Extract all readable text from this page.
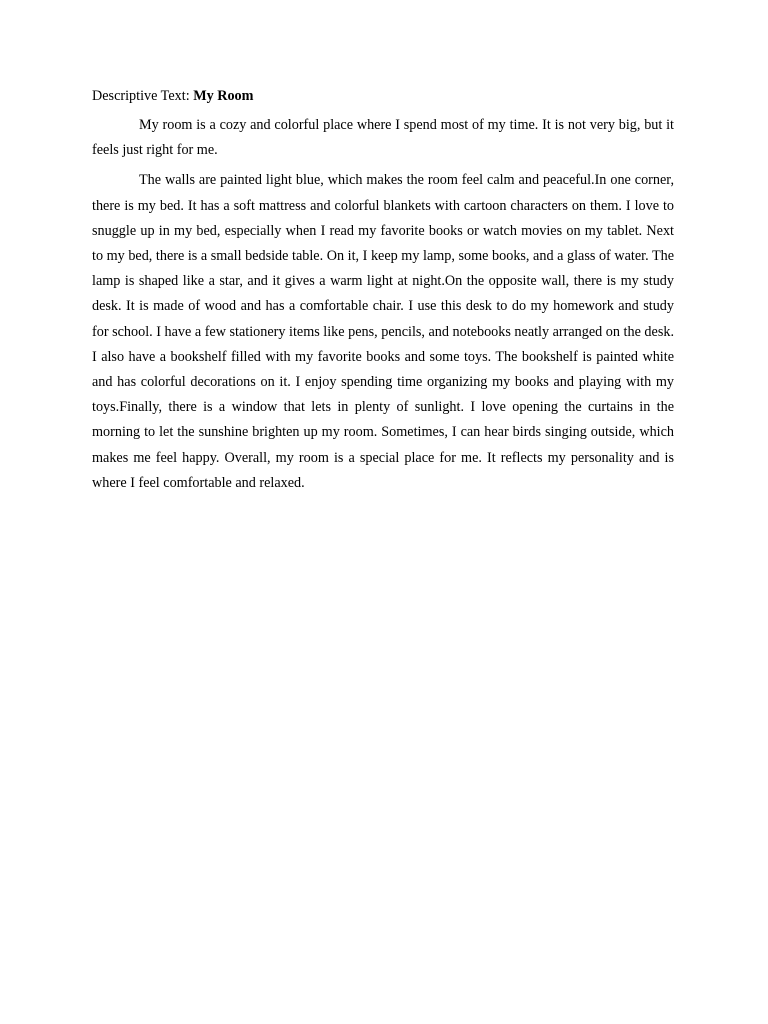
Descriptive Text: My Room

My room is a cozy and colorful place where I spend most of my time. It is not very big, but it feels just right for me.

The walls are painted light blue, which makes the room feel calm and peaceful.In one corner, there is my bed. It has a soft mattress and colorful blankets with cartoon characters on them. I love to snuggle up in my bed, especially when I read my favorite books or watch movies on my tablet. Next to my bed, there is a small bedside table. On it, I keep my lamp, some books, and a glass of water. The lamp is shaped like a star, and it gives a warm light at night.On the opposite wall, there is my study desk. It is made of wood and has a comfortable chair. I use this desk to do my homework and study for school. I have a few stationery items like pens, pencils, and notebooks neatly arranged on the desk. I also have a bookshelf filled with my favorite books and some toys. The bookshelf is painted white and has colorful decorations on it. I enjoy spending time organizing my books and playing with my toys.Finally, there is a window that lets in plenty of sunlight. I love opening the curtains in the morning to let the sunshine brighten up my room. Sometimes, I can hear birds singing outside, which makes me feel happy. Overall, my room is a special place for me. It reflects my personality and is where I feel comfortable and relaxed.
